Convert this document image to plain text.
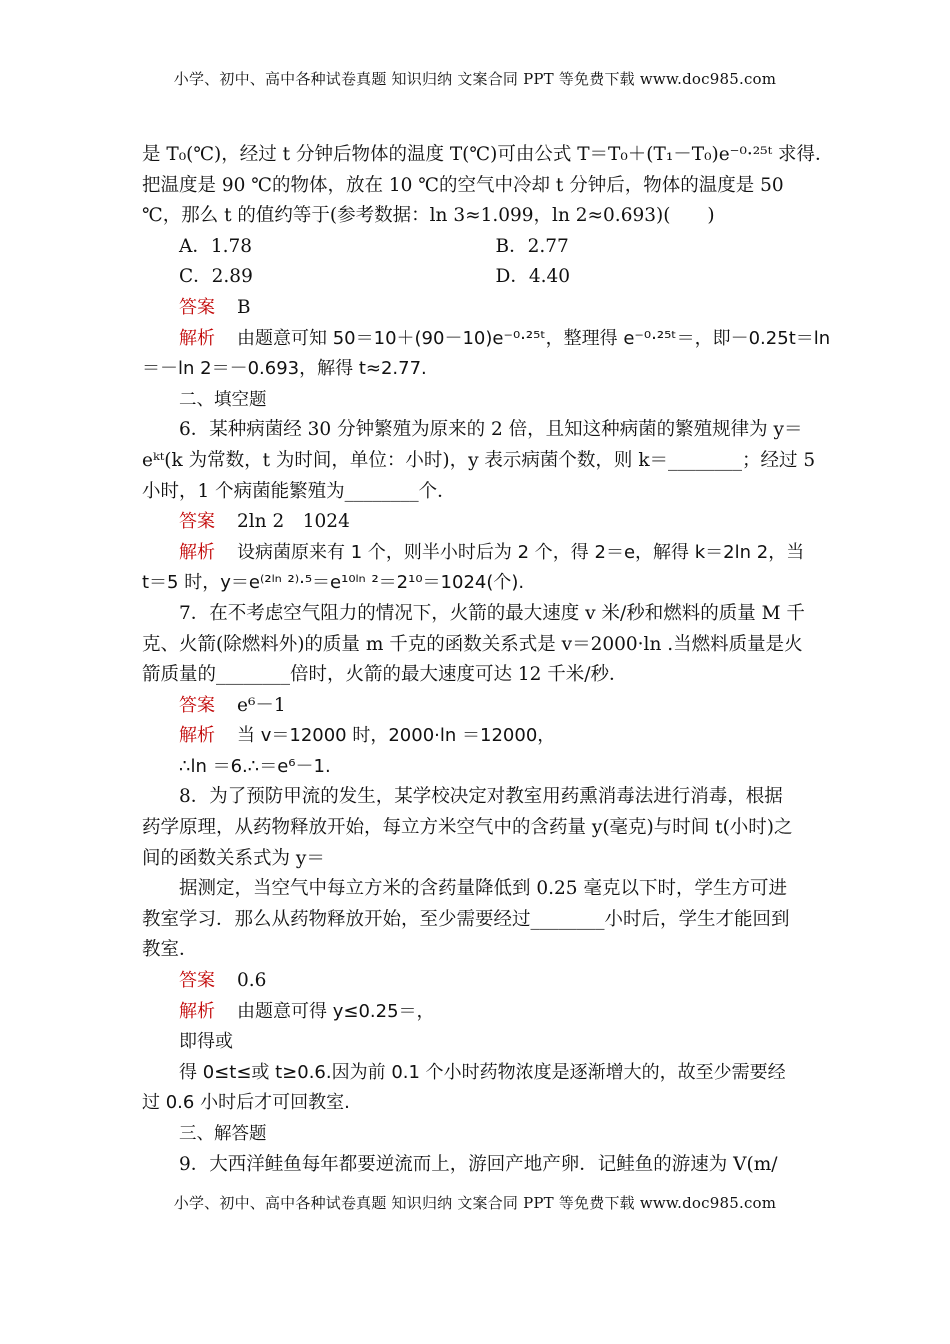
小学、初中、高中各种试卷真题 知识归纳 文案合同 PPT 等免费下载 www.doc985.com
是 T₀(℃)，经过 t 分钟后物体的温度 T(℃)可由公式 T＝T₀＋(T₁－T₀)e⁻⁰·²⁵ᵗ 求得．
把温度是 90 ℃的物体，放在 10 ℃的空气中冷却 t 分钟后，物体的温度是 50
℃，那么 t 的值约等于(参考数据：ln 3≈1.099，ln 2≈0.693)(　　)
A．1.78	B．2.77
C．2.89	D．4.40
答案 B
解析 由题意可知 50＝10＋(90－10)e⁻⁰·²⁵ᵗ，整理得 e⁻⁰·²⁵ᵗ＝，即－0.25t＝ln
＝－ln 2＝－0.693，解得 t≈2.77.
二、填空题
6．某种病菌经 30 分钟繁殖为原来的 2 倍，且知这种病菌的繁殖规律为 y＝
eᵏᵗ(k 为常数，t 为时间，单位：小时)，y 表示病菌个数，则 k＝________；经过 5
小时，1 个病菌能繁殖为________个．
答案 2ln 2　1024
解析 设病菌原来有 1 个，则半小时后为 2 个，得 2＝e，解得 k＝2ln 2，当
t＝5 时，y＝e⁽²ˡⁿ ²⁾·⁵＝e¹⁰ˡⁿ ²＝2¹⁰＝1024(个).
7．在不考虑空气阻力的情况下，火箭的最大速度 v 米/秒和燃料的质量 M 千
克、火箭(除燃料外)的质量 m 千克的函数关系式是 v＝2000·ln .当燃料质量是火
箭质量的________倍时，火箭的最大速度可达 12 千米/秒．
答案 e⁶－1
解析 当 v＝12000 时，2000·ln ＝12000，
∴ln ＝6.∴＝e⁶－1.
8．为了预防甲流的发生，某学校决定对教室用药熏消毒法进行消毒，根据
药学原理，从药物释放开始，每立方米空气中的含药量 y(毫克)与时间 t(小时)之
间的函数关系式为 y＝
据测定，当空气中每立方米的含药量降低到 0.25 毫克以下时，学生方可进
教室学习．那么从药物释放开始，至少需要经过________小时后，学生才能回到
教室．
答案 0.6
解析 由题意可得 y≤0.25＝，
即得或
得 0≤t≤或 t≥0.6.因为前 0.1 个小时药物浓度是逐渐增大的，故至少需要经
过 0.6 小时后才可回教室.
三、解答题
9．大西洋鲑鱼每年都要逆流而上，游回产地产卵．记鲑鱼的游速为 V(m/
小学、初中、高中各种试卷真题 知识归纳 文案合同 PPT 等免费下载 www.doc985.com
